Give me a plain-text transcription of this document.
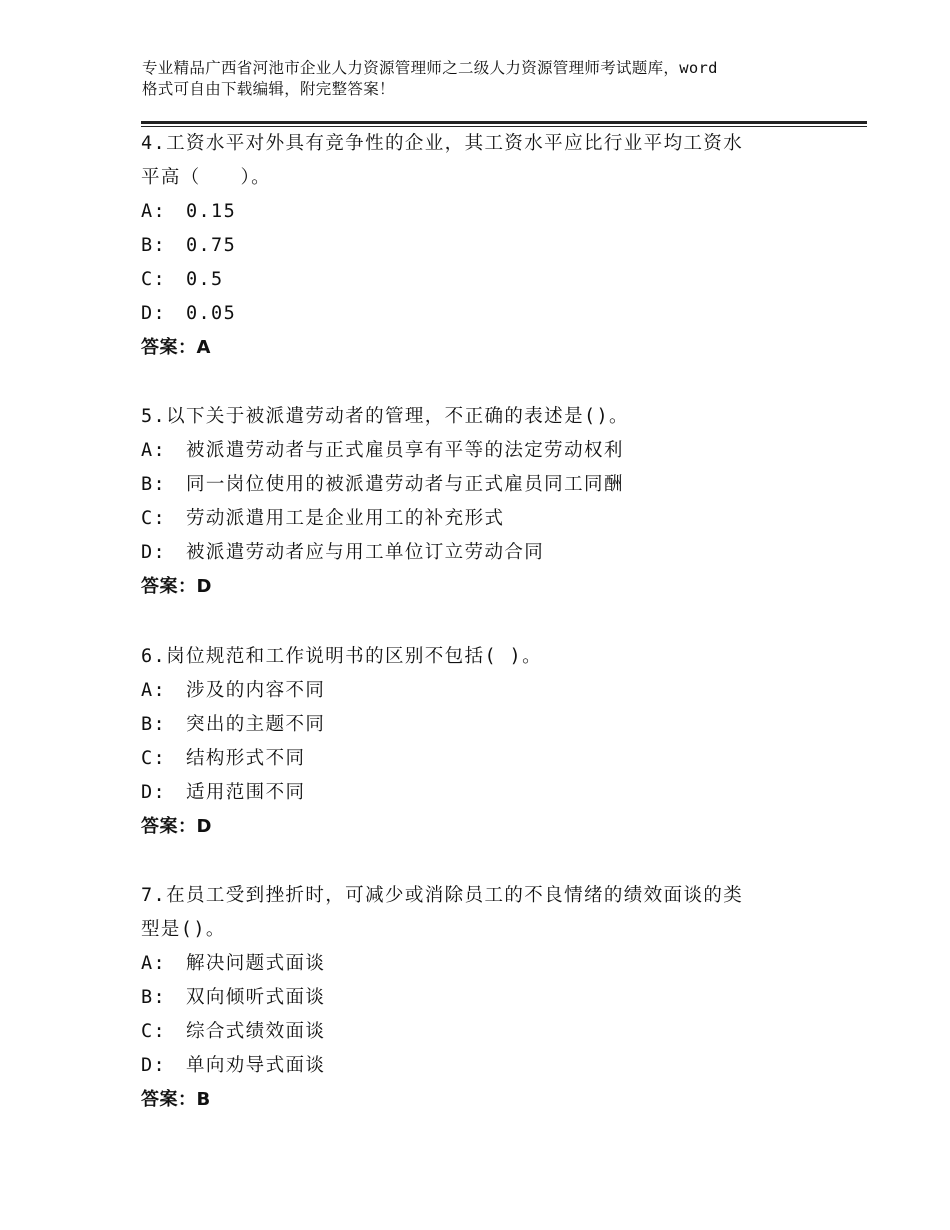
专业精品广西省河池市企业人力资源管理师之二级人力资源管理师考试题库，word
格式可自由下载编辑，附完整答案！

4.工资水平对外具有竞争性的企业，其工资水平应比行业平均工资水

平高（　　）。

A:　0.15

B:　0.75

C:　0.5

D:　0.05

答案：A

5.以下关于被派遣劳动者的管理，不正确的表述是()。

A:　被派遣劳动者与正式雇员享有平等的法定劳动权利

B:　同一岗位使用的被派遣劳动者与正式雇员同工同酬

C:　劳动派遣用工是企业用工的补充形式

D:　被派遣劳动者应与用工单位订立劳动合同

答案：D

6.岗位规范和工作说明书的区别不包括( )。

A:　涉及的内容不同

B:　突出的主题不同

C:　结构形式不同

D:　适用范围不同

答案：D

7.在员工受到挫折时，可减少或消除员工的不良情绪的绩效面谈的类

型是()。

A:　解决问题式面谈

B:　双向倾听式面谈

C:　综合式绩效面谈

D:　单向劝导式面谈

答案：B
